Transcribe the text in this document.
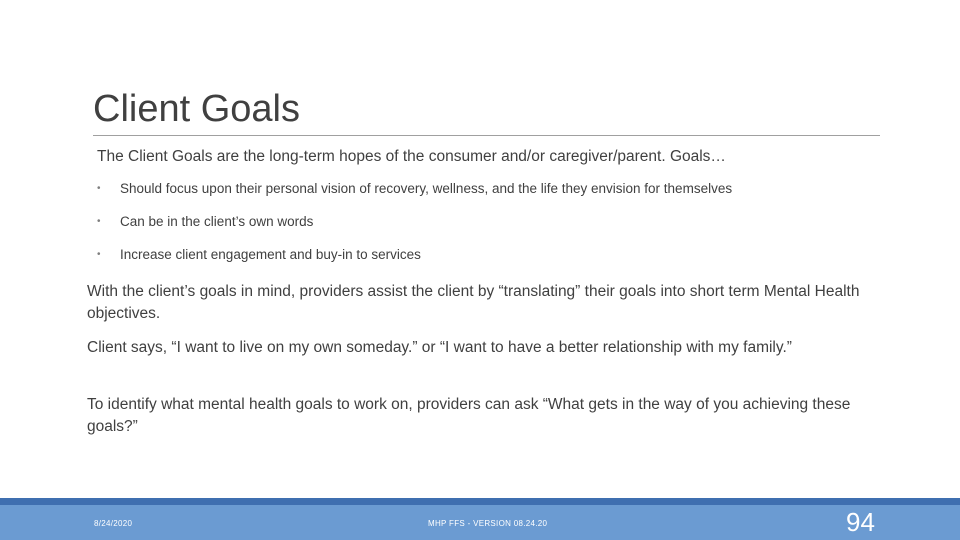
Client Goals
The Client Goals are the long-term hopes of the consumer and/or caregiver/parent. Goals…
• Should focus upon their personal vision of recovery, wellness, and the life they envision for themselves
• Can be in the client’s own words
• Increase client engagement and buy-in to services

With the client’s goals in mind, providers assist the client by “translating” their goals into short term Mental Health objectives.

Client says, “I want to live on my own someday.” or “I want to have a better relationship with my family.”

To identify what mental health goals to work on, providers can ask “What gets in the way of you achieving these goals?”

8/24/2020	MHP FFS - VERSION 08.24.20	94
